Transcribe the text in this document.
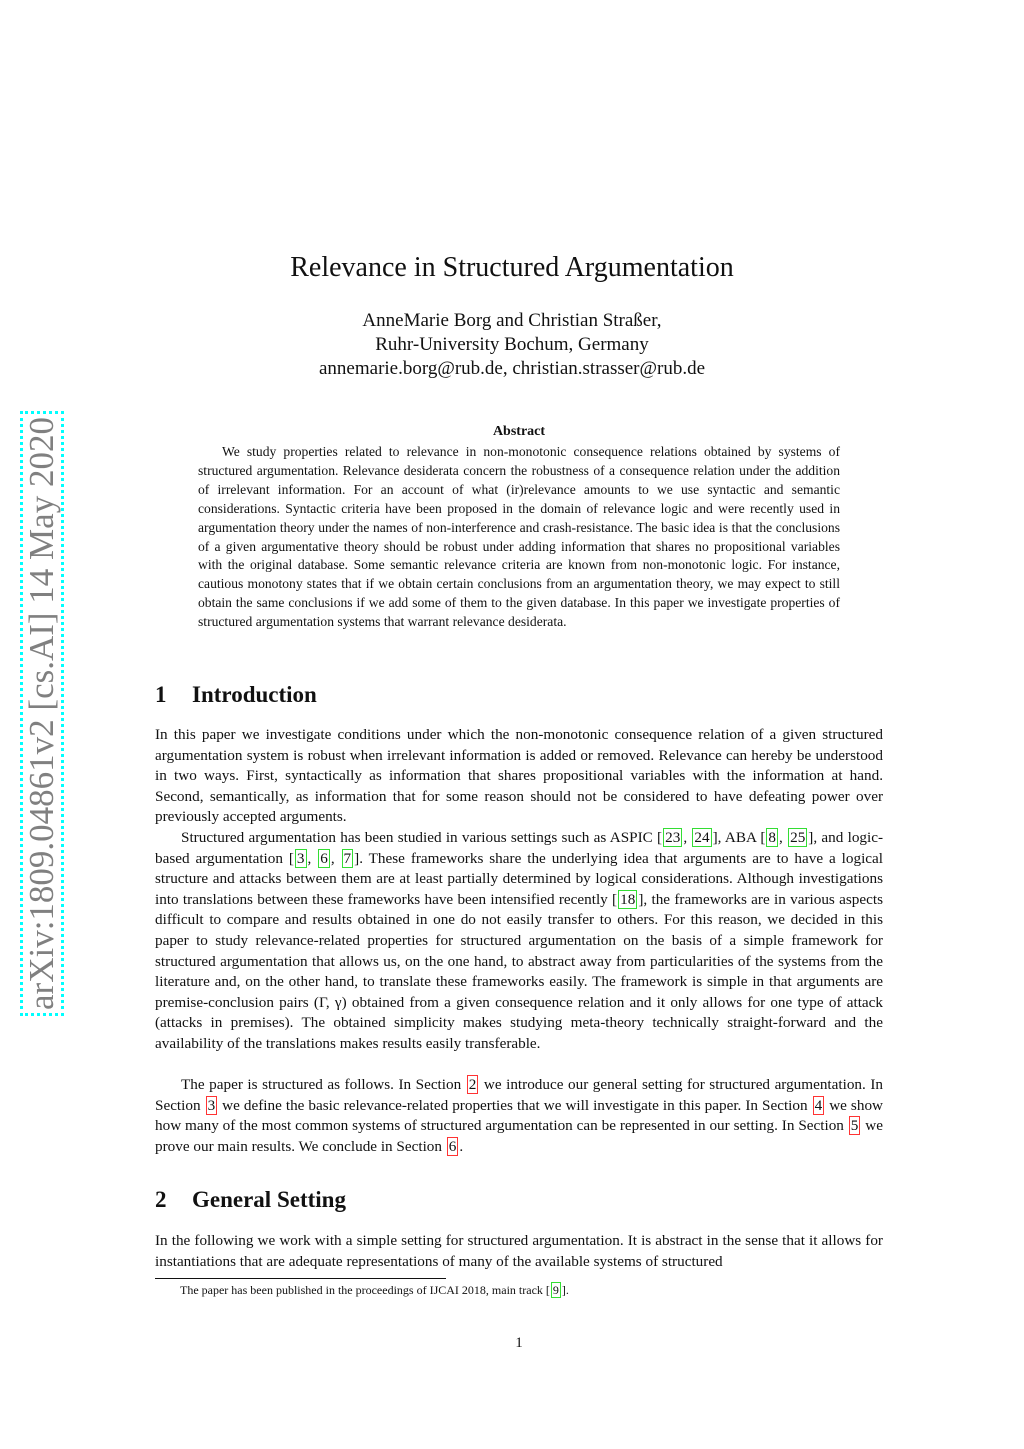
arXiv:1809.04861v2 [cs.AI] 14 May 2020
Relevance in Structured Argumentation
AnneMarie Borg and Christian Straßer,
Ruhr-University Bochum, Germany
annemarie.borg@rub.de, christian.strasser@rub.de
Abstract

We study properties related to relevance in non-monotonic consequence relations obtained by systems of structured argumentation. Relevance desiderata concern the robustness of a consequence relation under the addition of irrelevant information. For an account of what (ir)relevance amounts to we use syntactic and semantic considerations. Syntactic criteria have been proposed in the domain of relevance logic and were recently used in argumentation theory under the names of non-interference and crash-resistance. The basic idea is that the conclusions of a given argumentative theory should be robust under adding information that shares no propositional variables with the original database. Some semantic relevance criteria are known from non-monotonic logic. For instance, cautious monotony states that if we obtain certain conclusions from an argumentation theory, we may expect to still obtain the same conclusions if we add some of them to the given database. In this paper we investigate properties of structured argumentation systems that warrant relevance desiderata.

1 Introduction

In this paper we investigate conditions under which the non-monotonic consequence relation of a given structured argumentation system is robust when irrelevant information is added or removed. Relevance can hereby be understood in two ways. First, syntactically as information that shares propositional variables with the information at hand. Second, semantically, as information that for some reason should not be considered to have defeating power over previously accepted arguments.

Structured argumentation has been studied in various settings such as ASPIC [ 23 , 24 ], ABA [ 8 , 25 ], and logic-based argumentation [ 3 , 6 , 7 ]. These frameworks share the underlying idea that arguments are to have a logical structure and attacks between them are at least partially determined by logical considerations. Although investigations into translations between these frameworks have been intensified recently [ 18 ], the frameworks are in various aspects difficult to compare and results obtained in one do not easily transfer to others. For this reason, we decided in this paper to study relevance-related properties for structured argumentation on the basis of a simple framework for structured argumentation that allows us, on the one hand, to abstract away from particularities of the systems from the literature and, on the other hand, to translate these frameworks easily. The framework is simple in that arguments are premise-conclusion pairs (Γ, γ) obtained from a given consequence relation and it only allows for one type of attack (attacks in premises). The obtained simplicity makes studying meta-theory technically straight-forward and the availability of the translations makes results easily transferable.

The paper is structured as follows. In Section 2 we introduce our general setting for structured argumentation. In Section 3 we define the basic relevance-related properties that we will investigate in this paper. In Section 4 we show how many of the most common systems of structured argumentation can be represented in our setting. In Section 5 we prove our main results. We conclude in Section 6 .

2 General Setting

In the following we work with a simple setting for structured argumentation. It is abstract in the sense that it allows for instantiations that are adequate representations of many of the available systems of structured

The paper has been published in the proceedings of IJCAI 2018, main track [ 9 ].

1
